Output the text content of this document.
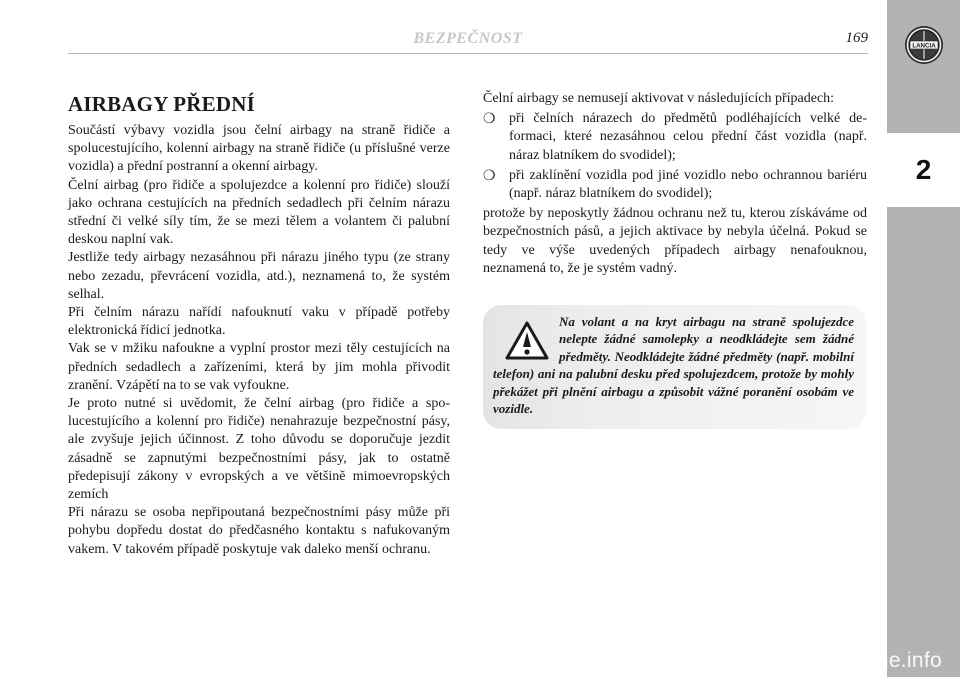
BEZPEČNOST	169
LANCIA
2
carmanualsonline.info
AIRBAGY PŘEDNÍ

Součástí výbavy vozidla jsou čelní airbagy na straně řidiče a spolucestujícího, kolenní airbagy na straně řidiče (u příslušné verze vozidla) a přední postranní a okenní airbagy.

Čelní airbag (pro řidiče a spolujezdce a kolenní pro řidiče) slouží jako ochrana cestujících na předních sedadlech při čelním nárazu střední či velké síly tím, že se mezi tělem a volantem či palubní deskou naplní vak.

Jestliže tedy airbagy nezasáhnou při nárazu jiného typu (ze strany nebo zezadu, převrácení vozidla, atd.), neznamená to, že systém selhal.

Při čelním nárazu nařídí nafouknutí vaku v případě potřeby elektronická řídicí jednotka.

Vak se v mžiku nafoukne a vyplní prostor mezi těly cestujících na předních sedadlech a zařízeními, která by jim mohla přivodit zranění. Vzápětí na to se vak vyfoukne.

Je proto nutné si uvědomit, že čelní airbag (pro řidiče a spolucestujícího a kolenní pro řidiče) nenahrazuje bezpečnostní pásy, ale zvyšuje jejich účinnost. Z toho důvodu se doporučuje jezdit zásadně se zapnutými bezpečnostními pásy, jak to ostatně předepisují zákony v evropských a ve většině mimoevropských zemích

Při nárazu se osoba nepřipoutaná bezpečnostními pásy může při pohybu dopředu dostat do předčasného kontaktu s nafukovaným vakem. V takovém případě poskytuje vak daleko menší ochranu.

Čelní airbagy se nemusejí aktivovat v následujících případech:

❍ při čelních nárazech do předmětů podléhajících velké deformaci, které nezasáhnou celou přední část vozidla (např. náraz blatníkem do svodidel);
❍ při zaklínění vozidla pod jiné vozidlo nebo ochrannou bariéru (např. náraz blatníkem do svodidel);

protože by neposkytly žádnou ochranu než tu, kterou získáváme od bezpečnostních pásů, a jejich aktivace by nebyla účelná. Pokud se tedy ve výše uvedených případech airbagy nenafouknou, neznamená to, že je systém vadný.

Na volant a na kryt airbagu na straně spolujezdce nelepte žádné samolepky a neodkládejte sem žádné předměty. Neodkládejte žádné předměty (např. mobilní telefon) ani na palubní desku před spolujezdcem, protože by mohly překážet při plnění airbagu a způsobit vážné poranění osobám ve vozidle.
